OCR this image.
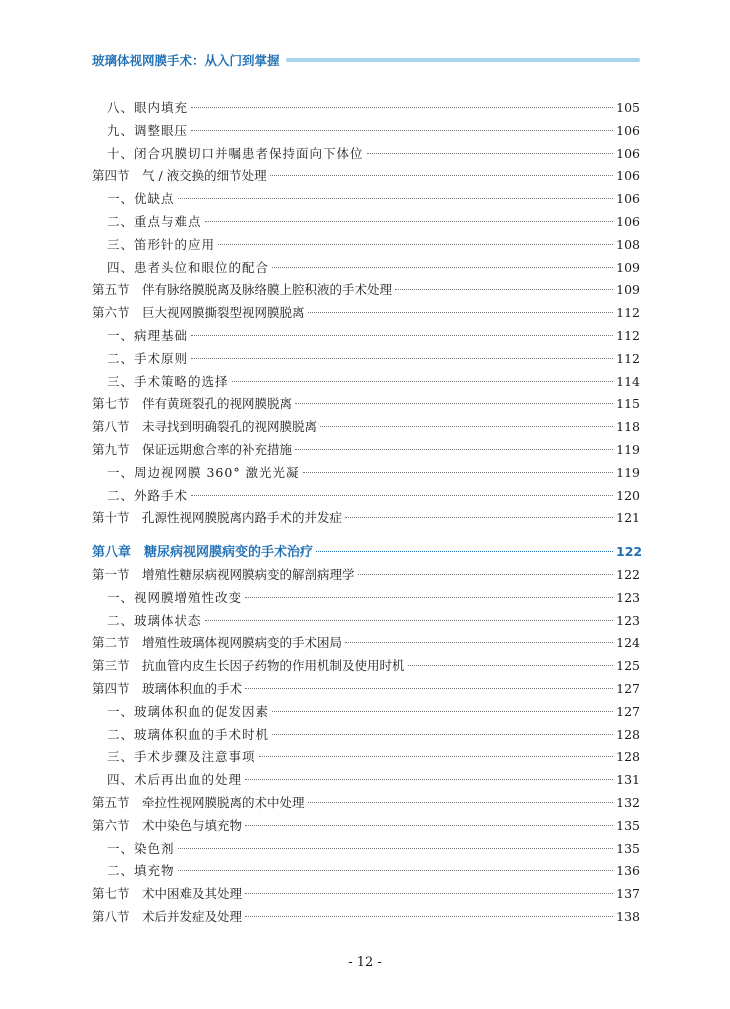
玻璃体视网膜手术：从入门到掌握
八、眼内填充	105
九、调整眼压	106
十、闭合巩膜切口并嘱患者保持面向下体位	106
第四节　气 / 液交换的细节处理	106
一、优缺点	106
二、重点与难点	106
三、笛形针的应用	108
四、患者头位和眼位的配合	109
第五节　伴有脉络膜脱离及脉络膜上腔积液的手术处理	109
第六节　巨大视网膜撕裂型视网膜脱离	112
一、病理基础	112
二、手术原则	112
三、手术策略的选择	114
第七节　伴有黄斑裂孔的视网膜脱离	115
第八节　未寻找到明确裂孔的视网膜脱离	118
第九节　保证远期愈合率的补充措施	119
一、周边视网膜 360° 激光光凝	119
二、外路手术	120
第十节　孔源性视网膜脱离内路手术的并发症	121
第八章　糖尿病视网膜病变的手术治疗	122
第一节　增殖性糖尿病视网膜病变的解剖病理学	122
一、视网膜增殖性改变	123
二、玻璃体状态	123
第二节　增殖性玻璃体视网膜病变的手术困局	124
第三节　抗血管内皮生长因子药物的作用机制及使用时机	125
第四节　玻璃体积血的手术	127
一、玻璃体积血的促发因素	127
二、玻璃体积血的手术时机	128
三、手术步骤及注意事项	128
四、术后再出血的处理	131
第五节　牵拉性视网膜脱离的术中处理	132
第六节　术中染色与填充物	135
一、染色剂	135
二、填充物	136
第七节　术中困难及其处理	137
第八节　术后并发症及处理	138
- 12 -
